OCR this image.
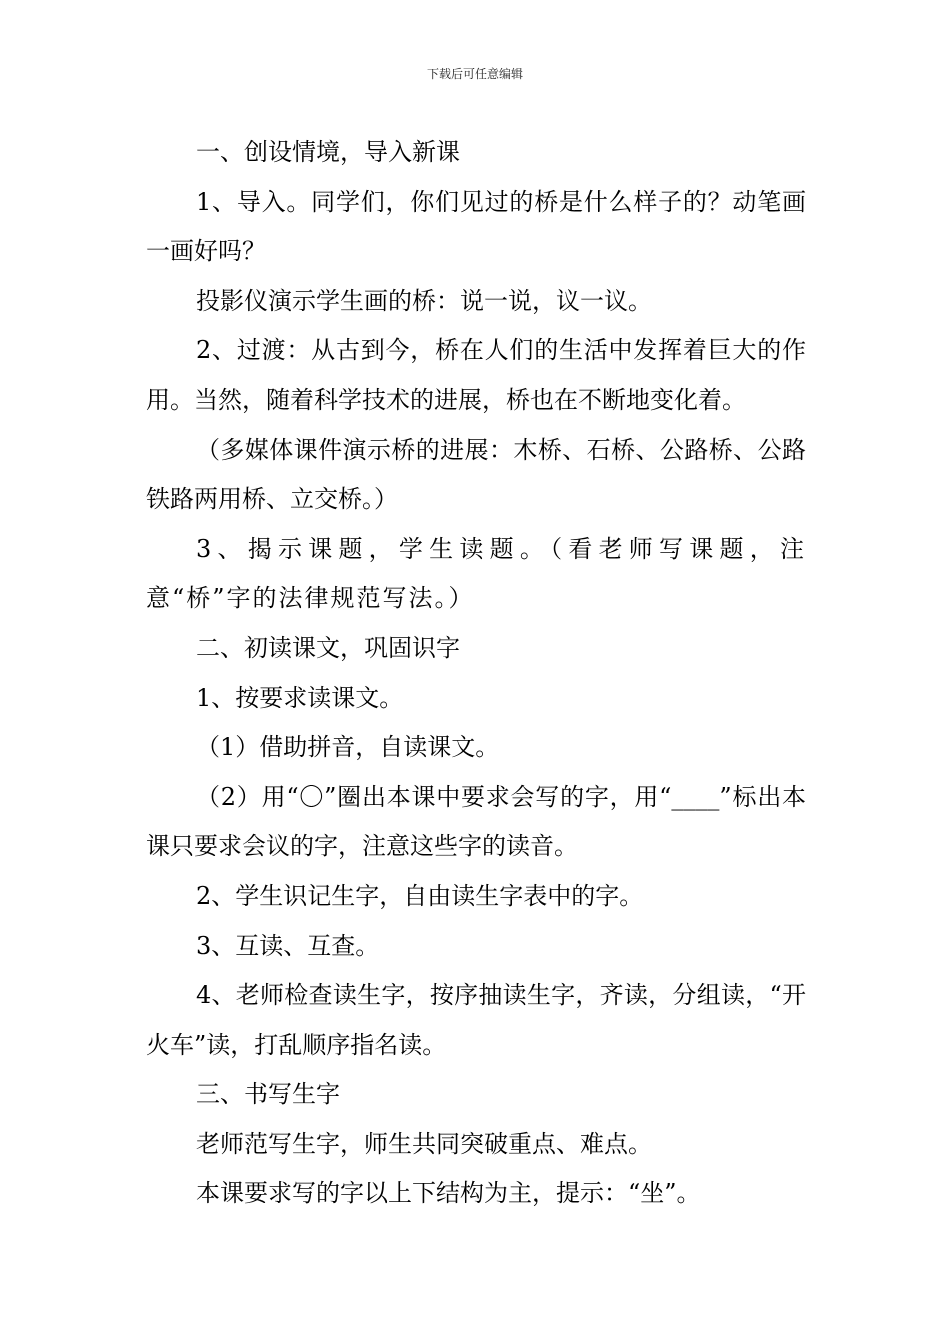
下载后可任意编辑

一、创设情境，导入新课

1、导入。同学们，你们见过的桥是什么样子的？动笔画一画好吗？

投影仪演示学生画的桥：说一说，议一议。

2、过渡：从古到今，桥在人们的生活中发挥着巨大的作用。当然，随着科学技术的进展，桥也在不断地变化着。

（多媒体课件演示桥的进展：木桥、石桥、公路桥、公路铁路两用桥、立交桥。）

3、揭示课题，学生读题。（看老师写课题，注意“桥”字的法律规范写法。）

二、初读课文，巩固识字

1、按要求读课文。

（1）借助拼音，自读课文。

（2）用“〇”圈出本课中要求会写的字，用“____”标出本课只要求会议的字，注意这些字的读音。

2、学生识记生字，自由读生字表中的字。

3、互读、互查。

4、老师检查读生字，按序抽读生字，齐读，分组读，“开火车”读，打乱顺序指名读。

三、书写生字

老师范写生字，师生共同突破重点、难点。

本课要求写的字以上下结构为主，提示：“坐”。
